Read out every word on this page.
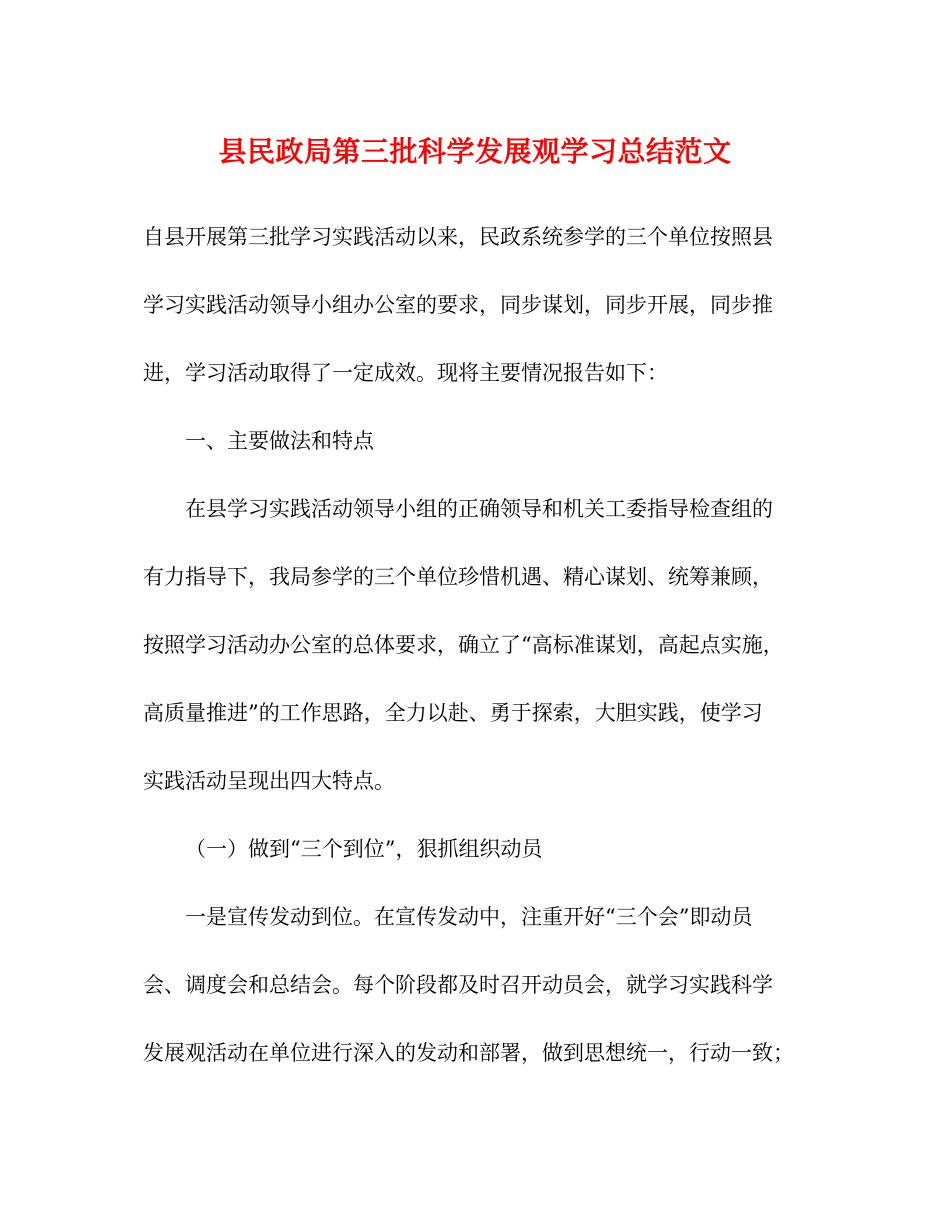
县民政局第三批科学发展观学习总结范文
自县开展第三批学习实践活动以来，民政系统参学的三个单位按照县
学习实践活动领导小组办公室的要求，同步谋划，同步开展，同步推
进，学习活动取得了一定成效。现将主要情况报告如下：
一、主要做法和特点
在县学习实践活动领导小组的正确领导和机关工委指导检查组的
有力指导下，我局参学的三个单位珍惜机遇、精心谋划、统筹兼顾，
按照学习活动办公室的总体要求，确立了“高标准谋划，高起点实施，
高质量推进”的工作思路，全力以赴、勇于探索，大胆实践，使学习
实践活动呈现出四大特点。
（一）做到“三个到位”，狠抓组织动员
一是宣传发动到位。在宣传发动中，注重开好“三个会”即动员
会、调度会和总结会。每个阶段都及时召开动员会，就学习实践科学
发展观活动在单位进行深入的发动和部署，做到思想统一，行动一致；
